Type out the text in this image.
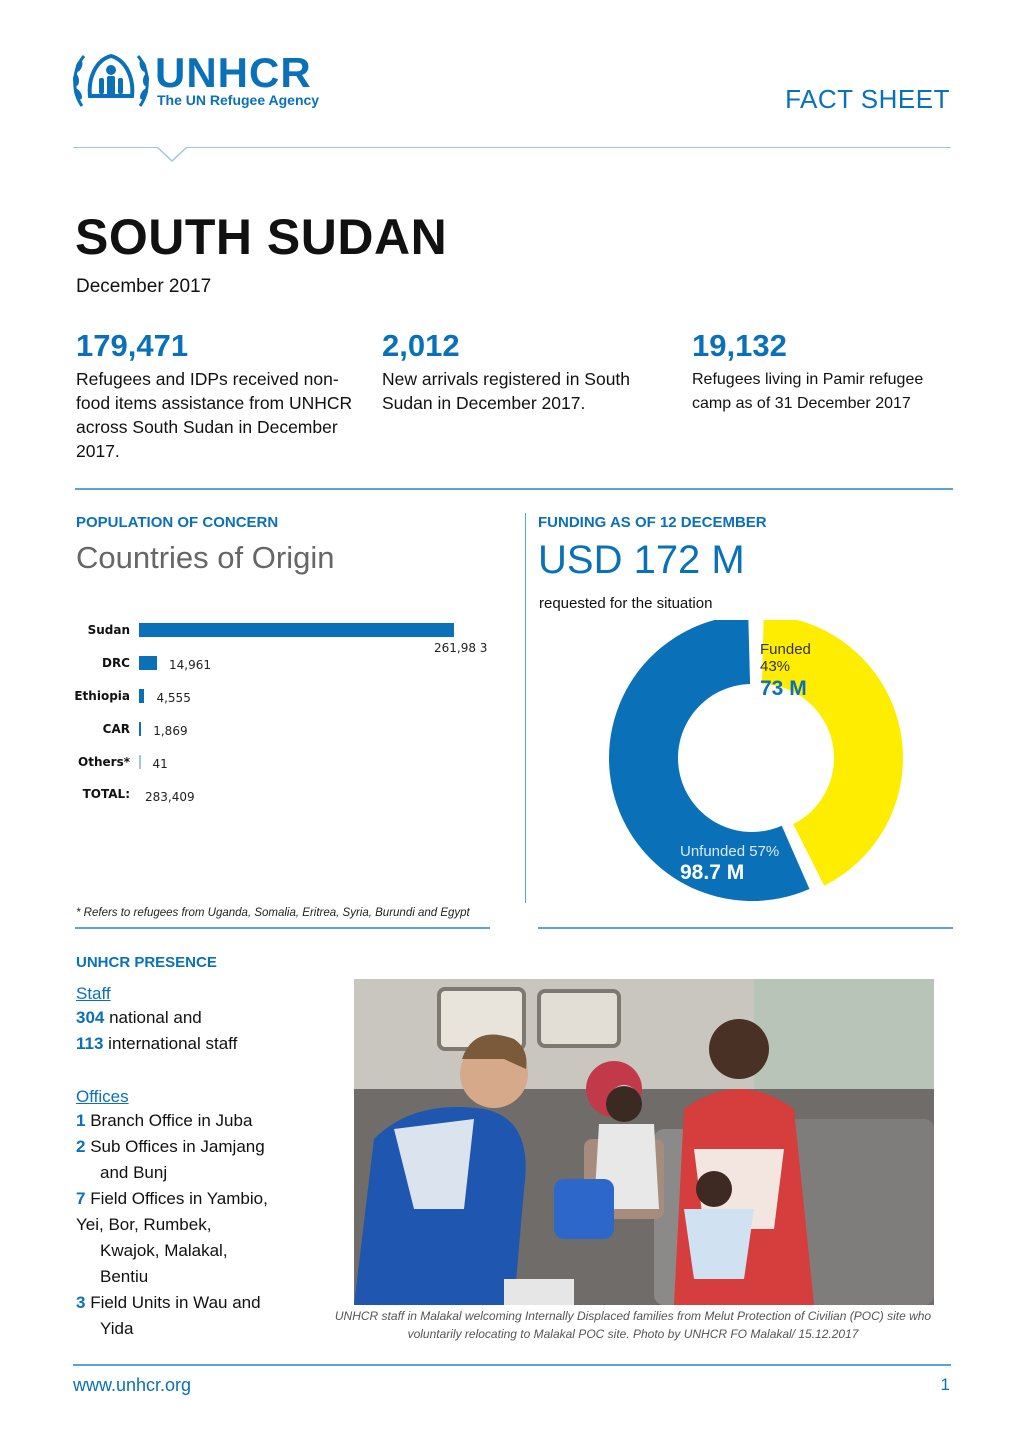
UNHCR
The UN Refugee Agency	FACT SHEET
SOUTH SUDAN
December 2017
179,471
Refugees and IDPs received non-food items assistance from UNHCR across South Sudan in December 2017.
2,012
New arrivals registered in South Sudan in December 2017.
19,132
Refugees living in Pamir refugee camp as of 31 December 2017
POPULATION OF CONCERN
Countries of Origin
Sudan
261,98 3
DRC	14,961
Ethiopia 4,555
CAR 1,869
Others* 41
TOTAL: 283,409
* Refers to refugees from Uganda, Somalia, Eritrea, Syria, Burundi and Egypt
FUNDING AS OF 12 DECEMBER
USD 172 M
requested for the situation
Funded
43%
73 M
Unfunded 57%
98.7 M
UNHCR PRESENCE
Staff
304 national and
113 international staff
Offices
1 Branch Office in Juba
2 Sub Offices in Jamjang
and Bunj
7 Field Offices in Yambio,
Yei, Bor, Rumbek,
Kwajok, Malakal,
Bentiu
3 Field Units in Wau and
Yida
UNHCR staff in Malakal welcoming Internally Displaced families from Melut Protection of Civilian (POC) site who voluntarily relocating to Malakal POC site. Photo by UNHCR FO Malakal/ 15.12.2017
www.unhcr.org	1
